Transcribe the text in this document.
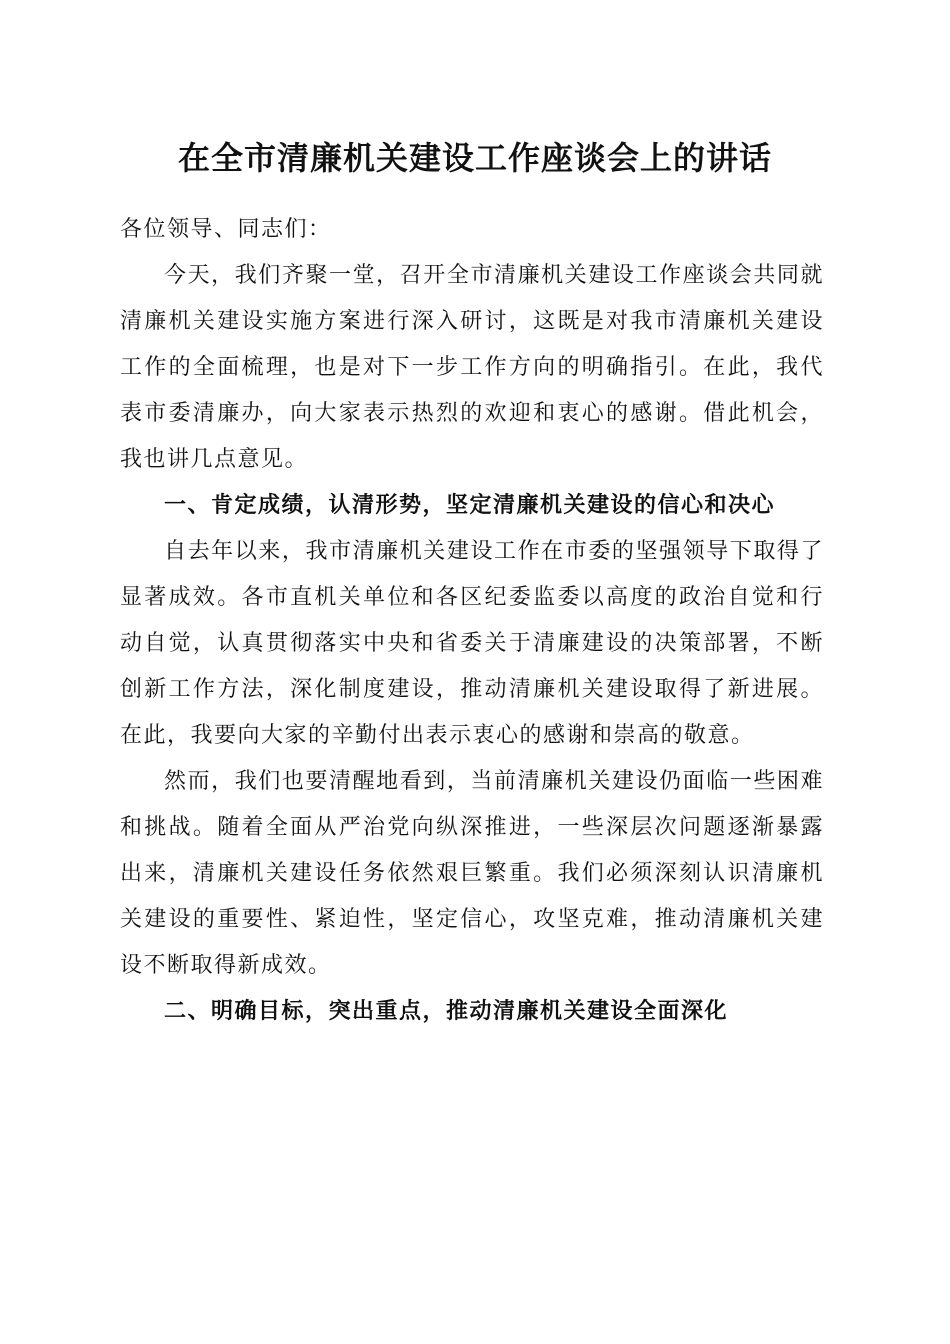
在全市清廉机关建设工作座谈会上的讲话

各位领导、同志们：

今天，我们齐聚一堂，召开全市清廉机关建设工作座谈会共同就清廉机关建设实施方案进行深入研讨，这既是对我市清廉机关建设工作的全面梳理，也是对下一步工作方向的明确指引。在此，我代表市委清廉办，向大家表示热烈的欢迎和衷心的感谢。借此机会，我也讲几点意见。

一、肯定成绩，认清形势，坚定清廉机关建设的信心和决心

自去年以来，我市清廉机关建设工作在市委的坚强领导下取得了显著成效。各市直机关单位和各区纪委监委以高度的政治自觉和行动自觉，认真贯彻落实中央和省委关于清廉建设的决策部署，不断创新工作方法，深化制度建设，推动清廉机关建设取得了新进展。在此，我要向大家的辛勤付出表示衷心的感谢和崇高的敬意。

然而，我们也要清醒地看到，当前清廉机关建设仍面临一些困难和挑战。随着全面从严治党向纵深推进，一些深层次问题逐渐暴露出来，清廉机关建设任务依然艰巨繁重。我们必须深刻认识清廉机关建设的重要性、紧迫性，坚定信心，攻坚克难，推动清廉机关建设不断取得新成效。

二、明确目标，突出重点，推动清廉机关建设全面深化
